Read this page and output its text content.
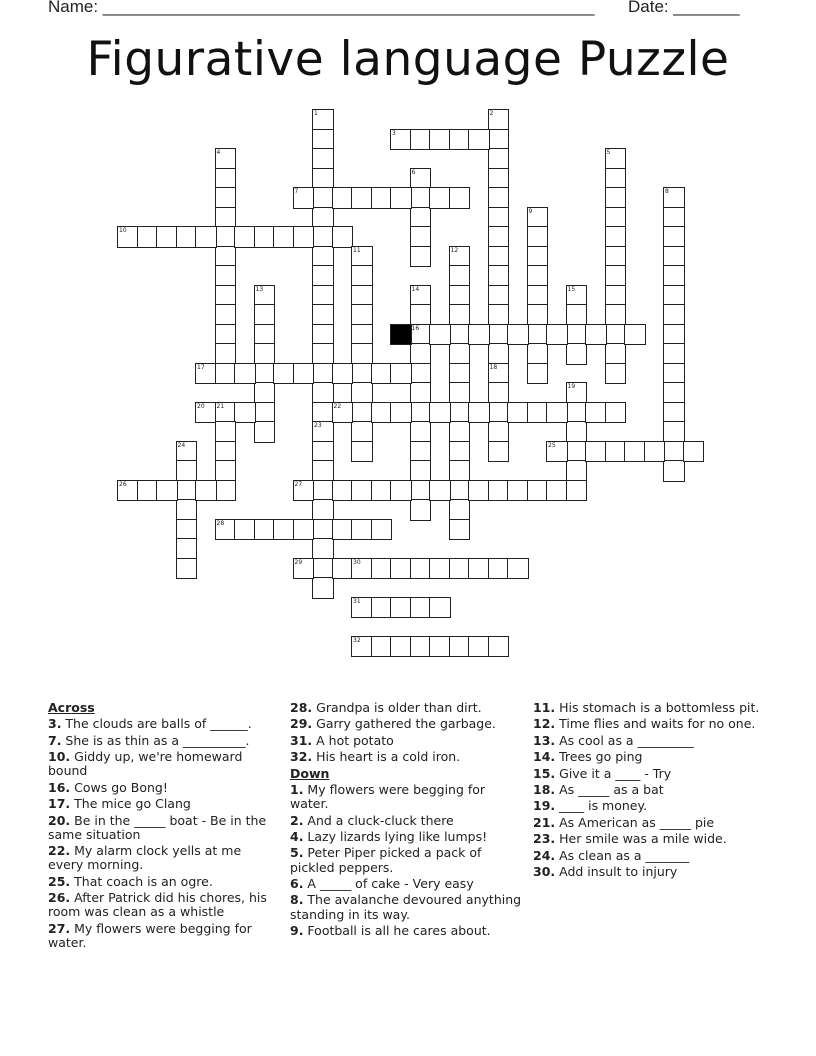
Name: ____________________________________________________ Date: _______
Figurative language Puzzle
1
23
2
3
4	5
6
7	8
9
10
11	12
13	14
16
15
17	18
19
20 21	22
24	25
26	27
28
29	30
31
32
Across
3. The clouds are balls of ______.
7. She is as thin as a __________.
10. Giddy up, we're homeward bound
16. Cows go Bong!
17. The mice go Clang
20. Be in the _____ boat - Be in the same situation
22. My alarm clock yells at me every morning.
25. That coach is an ogre.
26. After Patrick did his chores, his room was clean as a whistle
27. My flowers were begging for water.
28. Grandpa is older than dirt.
29. Garry gathered the garbage.
31. A hot potato
32. His heart is a cold iron.
Down
1. My flowers were begging for water.
2. And a cluck-cluck there
4. Lazy lizards lying like lumps!
5. Peter Piper picked a pack of pickled peppers.
6. A _____ of cake - Very easy
8. The avalanche devoured anything standing in its way.
9. Football is all he cares about.
11. His stomach is a bottomless pit.
12. Time flies and waits for no one.
13. As cool as a _________
14. Trees go ping
15. Give it a ____ - Try
18. As _____ as a bat
19. ____ is money.
21. As American as _____ pie
23. Her smile was a mile wide.
24. As clean as a _______
30. Add insult to injury
